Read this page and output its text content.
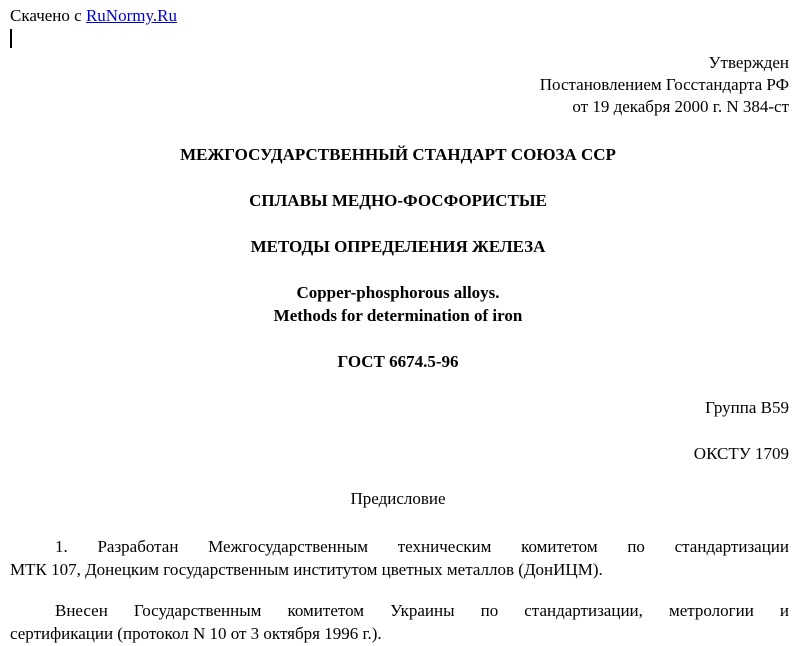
Скачено с RuNormy.Ru
Утвержден
Постановлением Госстандарта РФ
от 19 декабря 2000 г. N 384-ст
МЕЖГОСУДАРСТВЕННЫЙ СТАНДАРТ СОЮЗА ССР
СПЛАВЫ МЕДНО-ФОСФОРИСТЫЕ
МЕТОДЫ ОПРЕДЕЛЕНИЯ ЖЕЛЕЗА
Copper-phosphorous alloys.
Methods for determination of iron
ГОСТ 6674.5-96
Группа В59
ОКСТУ 1709
Предисловие
1. Разработан Межгосударственным техническим комитетом по стандартизации
МТК 107, Донецким государственным институтом цветных металлов (ДонИЦМ).
Внесен Государственным комитетом Украины по стандартизации, метрологии и
сертификации (протокол N 10 от 3 октября 1996 г.).
